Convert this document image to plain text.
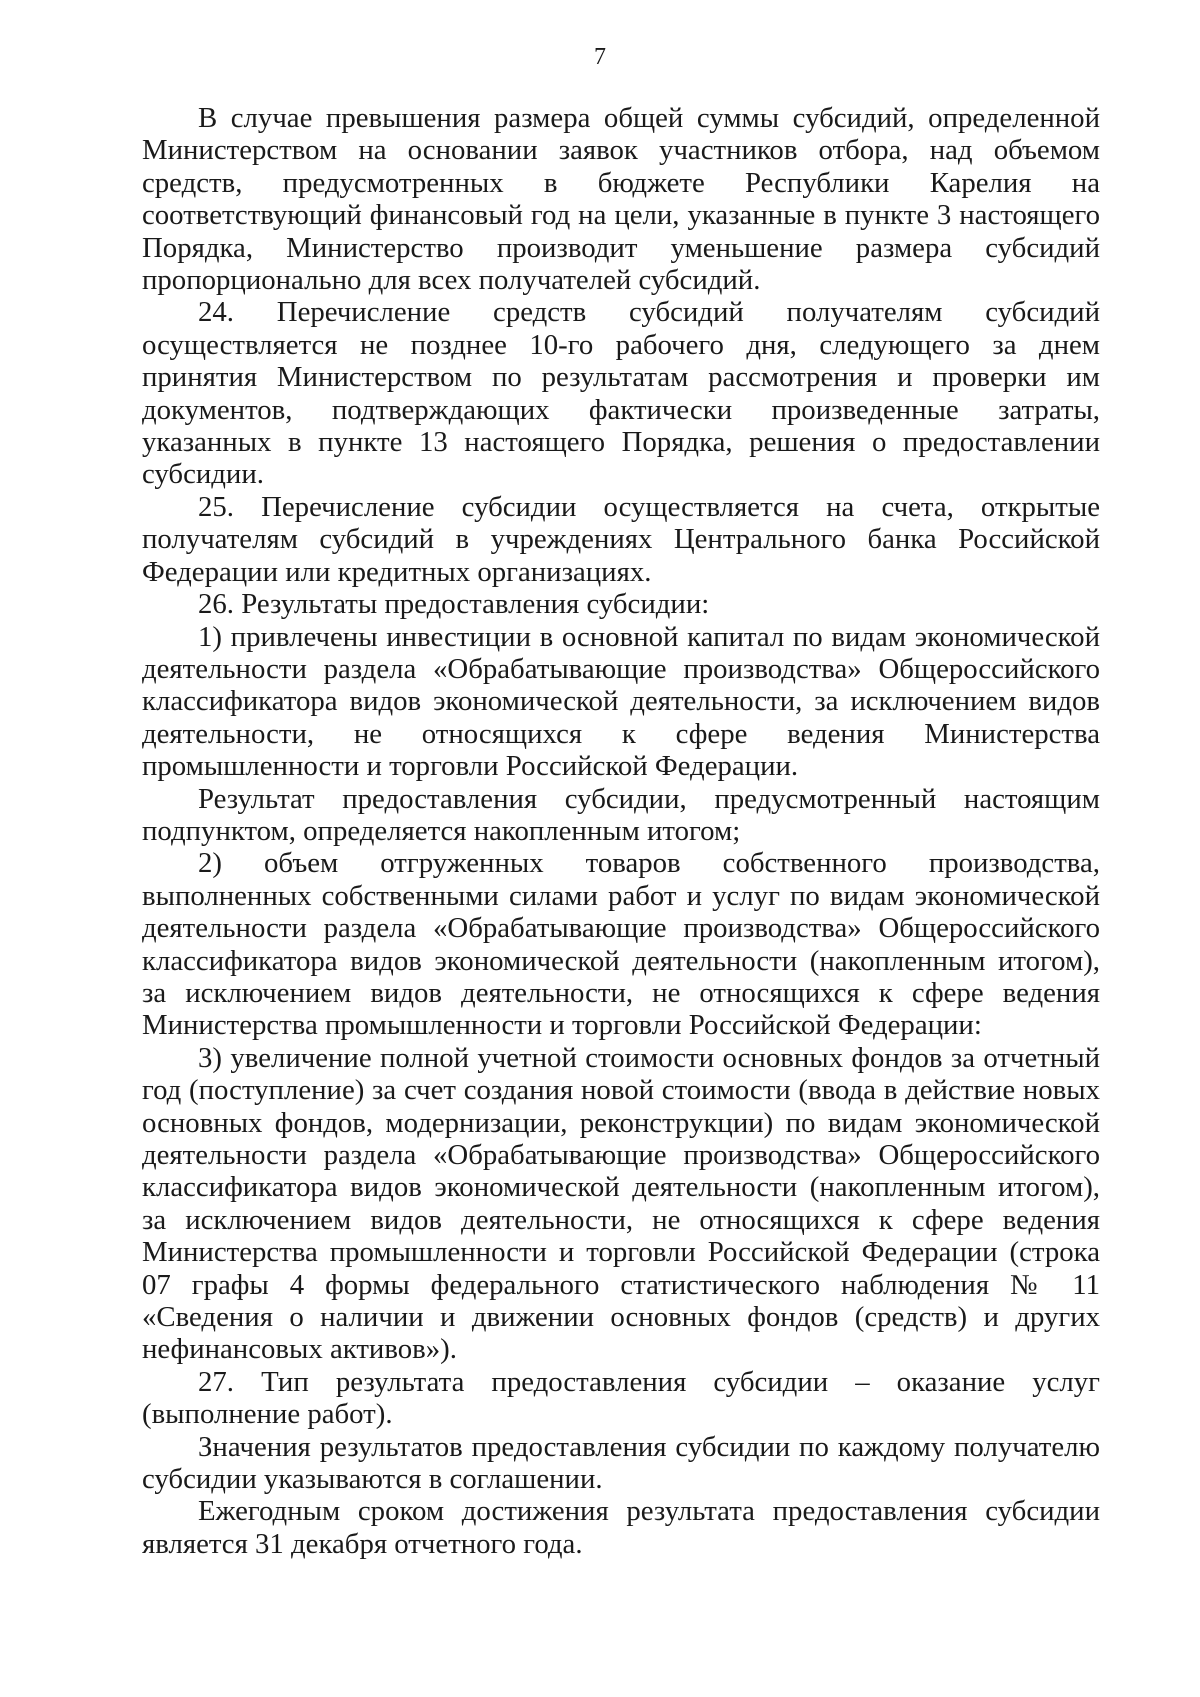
7

В случае превышения размера общей суммы субсидий, определенной Министерством на основании заявок участников отбора, над объемом средств, предусмотренных в бюджете Республики Карелия на соответствующий финансовый год на цели, указанные в пункте 3 настоящего Порядка, Министерство производит уменьшение размера субсидий пропорционально для всех получателей субсидий.

24. Перечисление средств субсидий получателям субсидий осуществляется не позднее 10-го рабочего дня, следующего за днем принятия Министерством по результатам рассмотрения и проверки им документов, подтверждающих фактически произведенные затраты, указанных в пункте 13 настоящего Порядка, решения о предоставлении субсидии.

25. Перечисление субсидии осуществляется на счета, открытые получателям субсидий в учреждениях Центрального банка Российской Федерации или кредитных организациях.

26. Результаты предоставления субсидии:

1) привлечены инвестиции в основной капитал по видам экономической деятельности раздела «Обрабатывающие производства» Общероссийского классификатора видов экономической деятельности, за исключением видов деятельности, не относящихся к сфере ведения Министерства промышленности и торговли Российской Федерации.

Результат предоставления субсидии, предусмотренный настоящим подпунктом, определяется накопленным итогом;

2) объем отгруженных товаров собственного производства, выполненных собственными силами работ и услуг по видам экономической деятельности раздела «Обрабатывающие производства» Общероссийского классификатора видов экономической деятельности (накопленным итогом), за исключением видов деятельности, не относящихся к сфере ведения Министерства промышленности и торговли Российской Федерации:

3) увеличение полной учетной стоимости основных фондов за отчетный год (поступление) за счет создания новой стоимости (ввода в действие новых основных фондов, модернизации, реконструкции) по видам экономической деятельности раздела «Обрабатывающие производства» Общероссийского классификатора видов экономической деятельности (накопленным итогом), за исключением видов деятельности, не относящихся к сфере ведения Министерства промышленности и торговли Российской Федерации (строка 07 графы 4 формы федерального статистического наблюдения № 11 «Сведения о наличии и движении основных фондов (средств) и других нефинансовых активов»).

27. Тип результата предоставления субсидии – оказание услуг (выполнение работ).

Значения результатов предоставления субсидии по каждому получателю субсидии указываются в соглашении.

Ежегодным сроком достижения результата предоставления субсидии является 31 декабря отчетного года.
